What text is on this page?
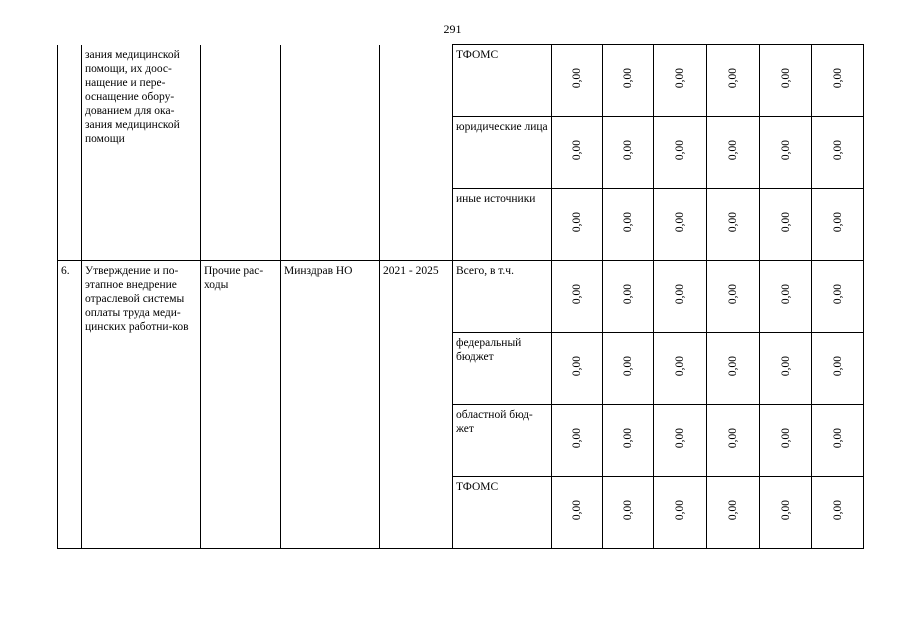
291
	зания медицинской помощи, их доос-нащение и пере-оснащение обору-дованием для ока-зания медицинской помощи				ТФОМС	0,00	0,00	0,00	0,00	0,00	0,00
					юридические лица	0,00	0,00	0,00	0,00	0,00	0,00
					иные источники	0,00	0,00	0,00	0,00	0,00	0,00
6.	Утверждение и по-этапное внедрение отраслевой системы оплаты труда меди-цинских работни-ков	Прочие рас-ходы	Минздрав НО	2021 - 2025	Всего, в т.ч.	0,00	0,00	0,00	0,00	0,00	0,00
					федеральный бюджет	0,00	0,00	0,00	0,00	0,00	0,00
					областной бюд-жет	0,00	0,00	0,00	0,00	0,00	0,00
					ТФОМС	0,00	0,00	0,00	0,00	0,00	0,00
